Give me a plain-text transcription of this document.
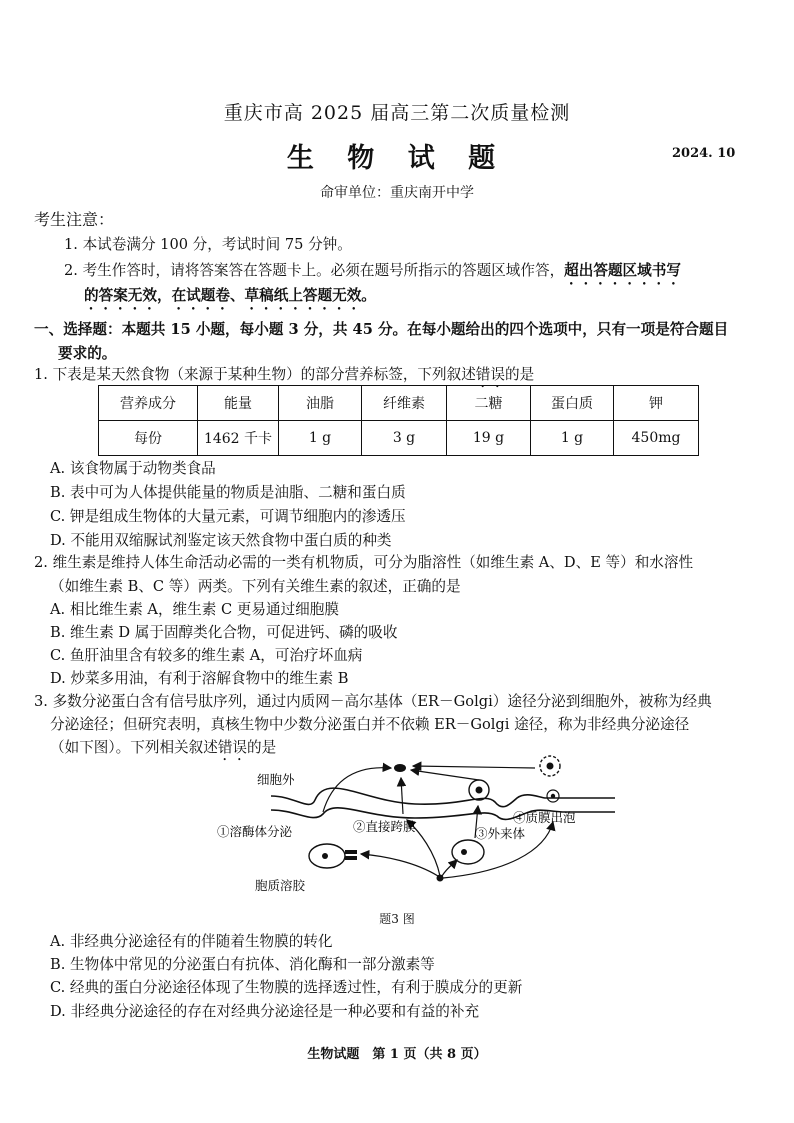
重庆市高 2025 届高三第二次质量检测
生 物 试 题	2024. 10
命审单位：重庆南开中学
考生注意：
1. 本试卷满分 100 分，考试时间 75 分钟。
2. 考生作答时，请将答案答在答题卡上。必须在题号所指示的答题区域作答，超出答题区域书写
的答案无效，在试题卷、草稿纸上答题无效。
一、选择题：本题共 15 小题，每小题 3 分，共 45 分。在每小题给出的四个选项中，只有一项是符合题目
要求的。
1. 下表是某天然食物（来源于某种生物）的部分营养标签，下列叙述错误的是
营养成分	能量	油脂	纤维素	二糖	蛋白质	钾
每份	1462 千卡	1 g	3 g	19 g	1 g	450mg
A. 该食物属于动物类食品
B. 表中可为人体提供能量的物质是油脂、二糖和蛋白质
C. 钾是组成生物体的大量元素，可调节细胞内的渗透压
D. 不能用双缩脲试剂鉴定该天然食物中蛋白质的种类
2. 维生素是维持人体生命活动必需的一类有机物质，可分为脂溶性（如维生素 A、D、E 等）和水溶性
（如维生素 B、C 等）两类。下列有关维生素的叙述，正确的是
A. 相比维生素 A，维生素 C 更易通过细胞膜
B. 维生素 D 属于固醇类化合物，可促进钙、磷的吸收
C. 鱼肝油里含有较多的维生素 A，可治疗坏血病
D. 炒菜多用油，有利于溶解食物中的维生素 B
3. 多数分泌蛋白含有信号肽序列，通过内质网－高尔基体（ER－Golgi）途径分泌到细胞外，被称为经典
分泌途径；但研究表明，真核生物中少数分泌蛋白并不依赖 ER－Golgi 途径，称为非经典分泌途径
（如下图）。下列相关叙述错误的是
细胞外
①溶酶体分泌	②直接跨膜	③外来体
④质膜出泡
胞质溶胶
题3 图
A. 非经典分泌途径有的伴随着生物膜的转化
B. 生物体中常见的分泌蛋白有抗体、消化酶和一部分激素等
C. 经典的蛋白分泌途径体现了生物膜的选择透过性，有利于膜成分的更新
D. 非经典分泌途径的存在对经典分泌途径是一种必要和有益的补充
生物试题　第 1 页（共 8 页）
